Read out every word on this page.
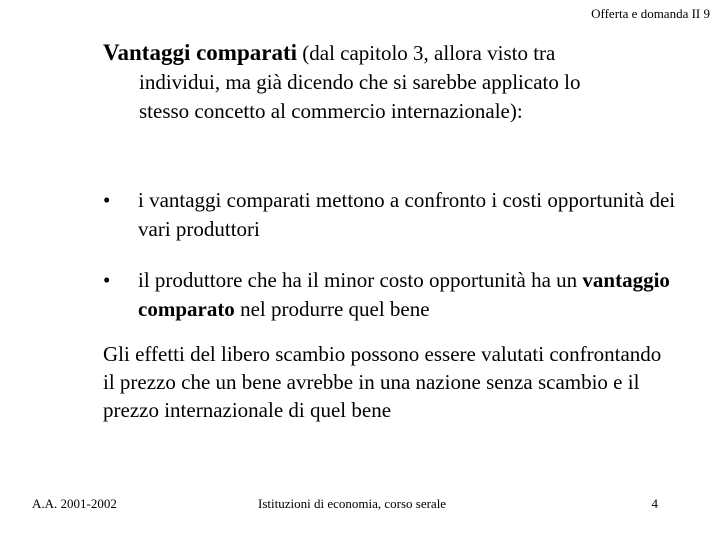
Offerta e domanda II 9
Vantaggi comparati (dal capitolo 3, allora visto tra
individui, ma già dicendo che si sarebbe applicato lo
stesso concetto al commercio internazionale):
• i vantaggi comparati mettono a confronto i costi opportunità dei vari produttori
• il produttore che ha il minor costo opportunità ha un vantaggio comparato nel produrre quel bene
Gli effetti del libero scambio possono essere valutati confrontando il prezzo che un bene avrebbe in una nazione senza scambio e il prezzo internazionale di quel bene
A.A. 2001-2002	Istituzioni di economia, corso serale	4
